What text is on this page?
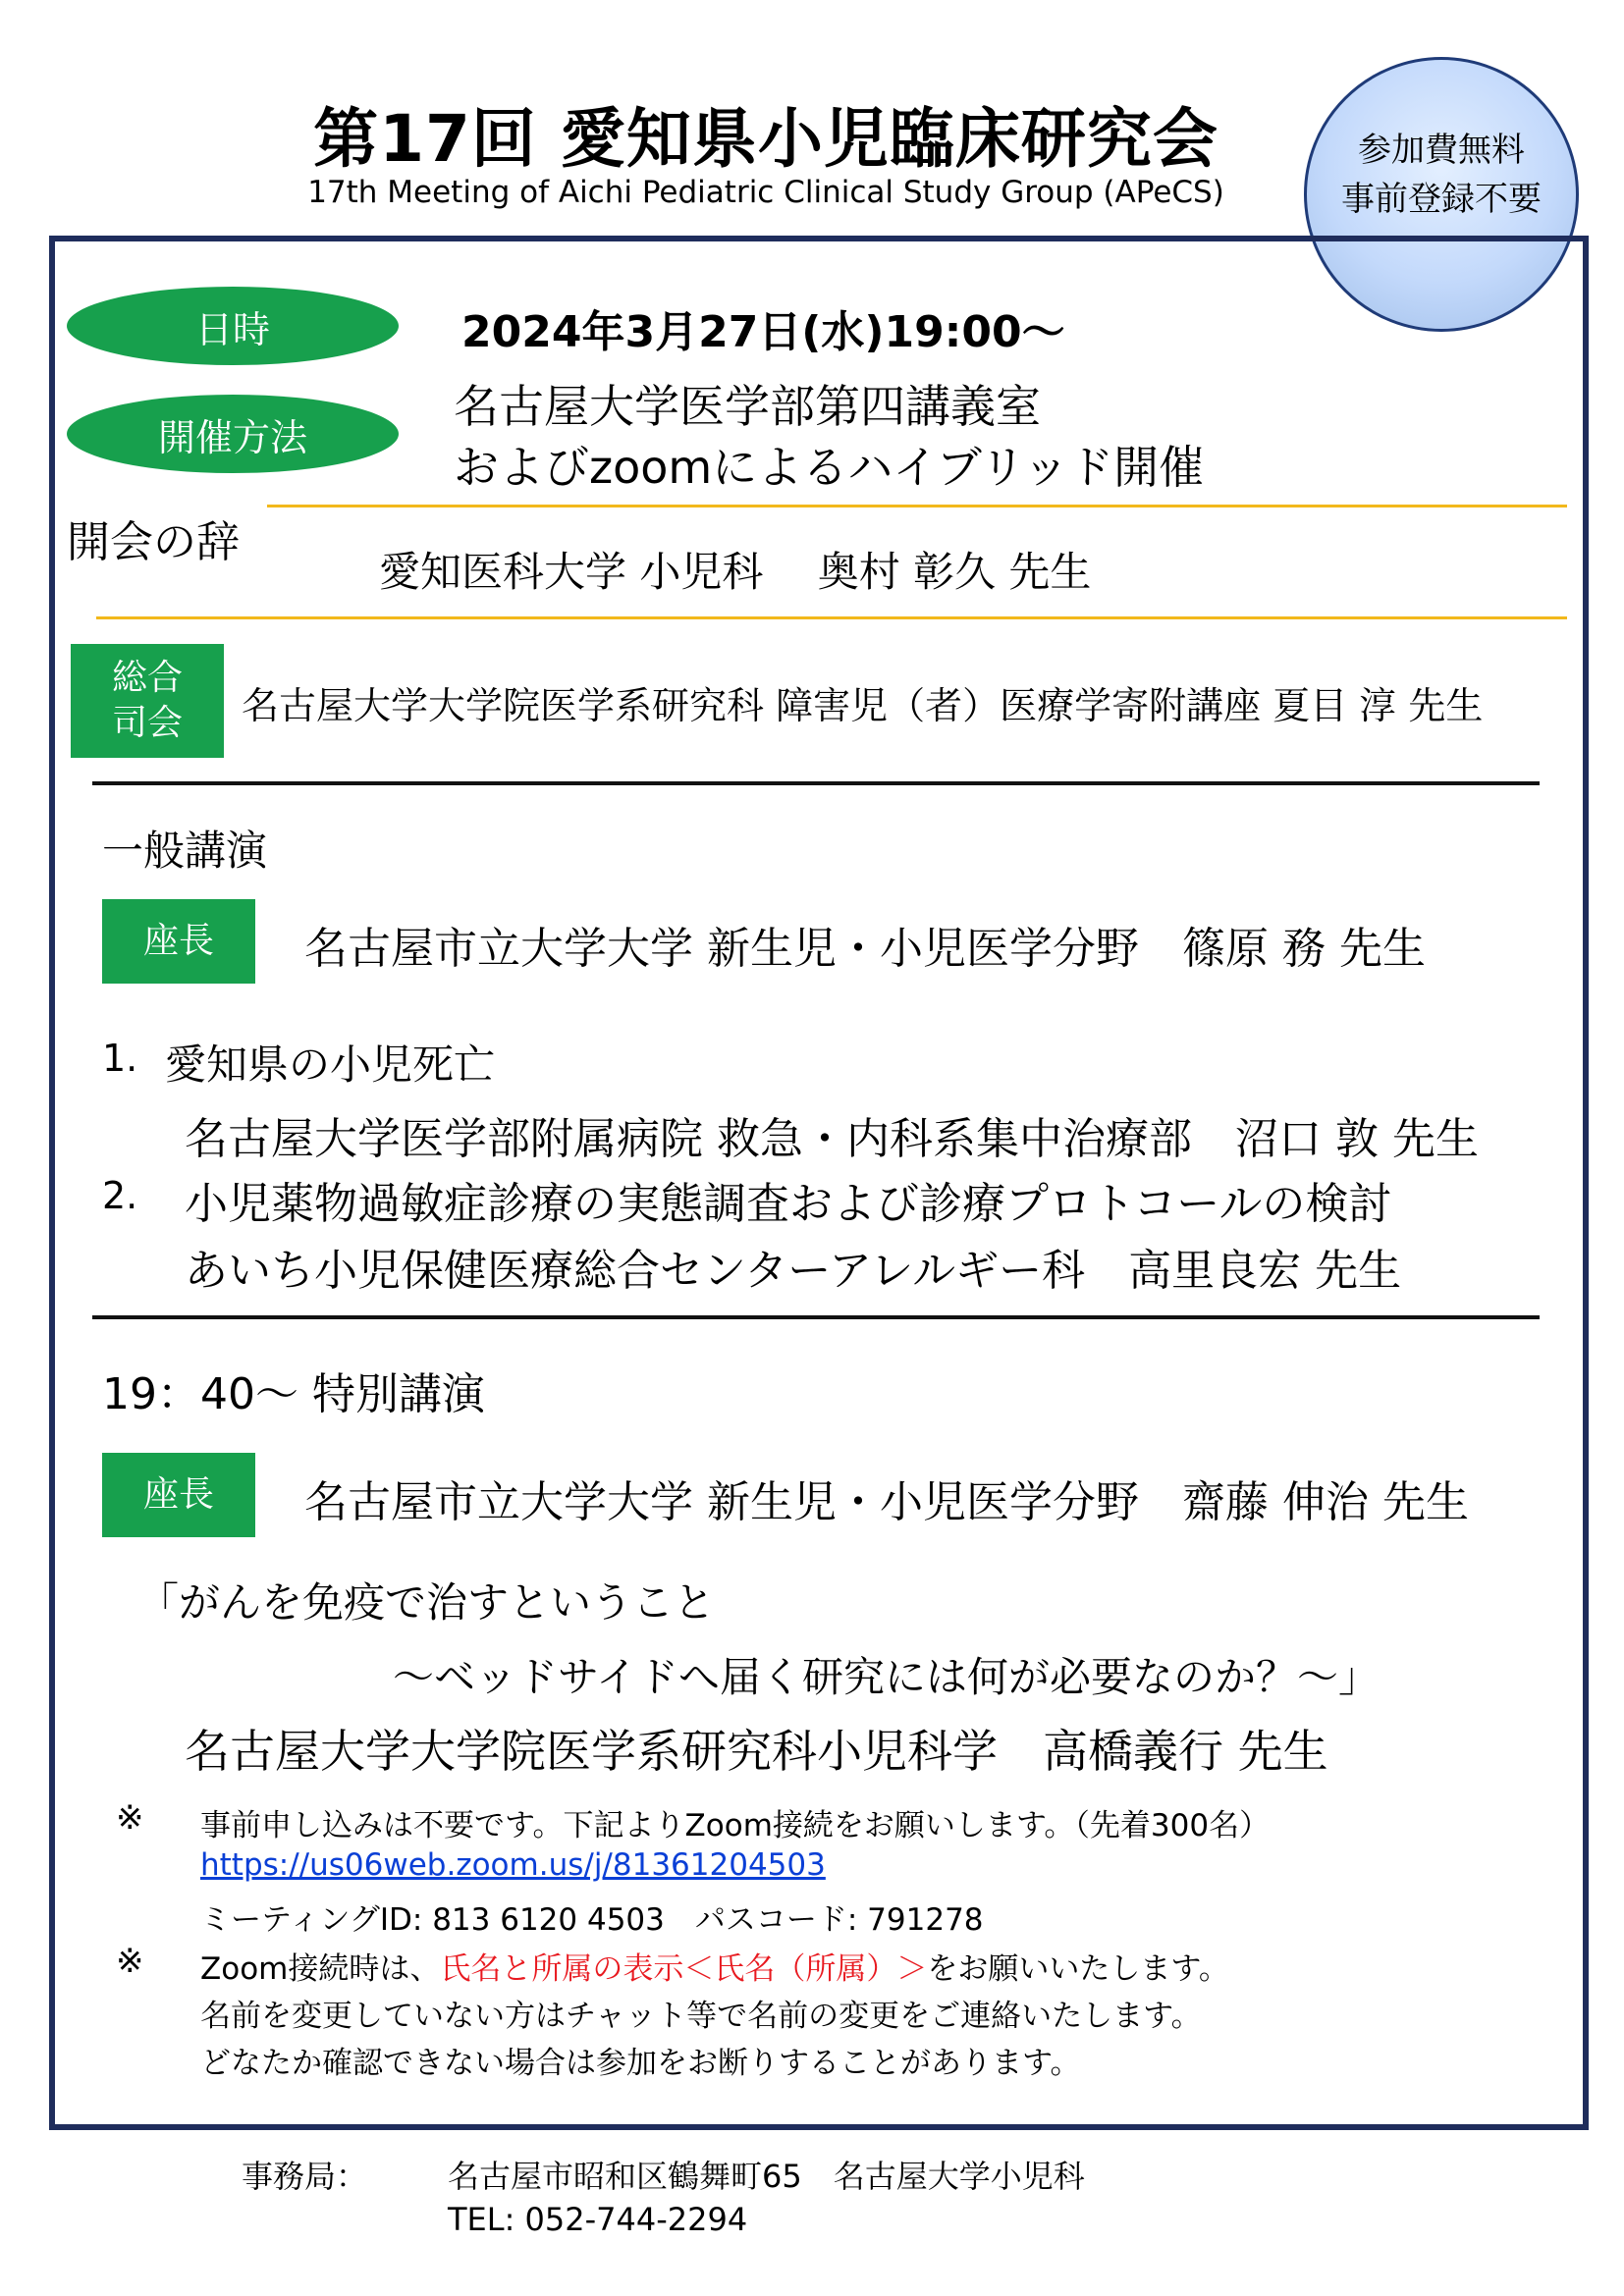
第17回 愛知県小児臨床研究会
17th Meeting of Aichi Pediatric Clinical Study Group (APeCS)
参加費無料
事前登録不要
日時	2024年3月27日(水)19:00～
開催方法
名古屋大学医学部第四講義室
およびzoomによるハイブリッド開催
開会の辞
愛知医科大学 小児科　 奥村 彰久 先生
総合
司会 名古屋大学大学院医学系研究科 障害児（者）医療学寄附講座 夏目 淳 先生
一般講演
座長	名古屋市立大学大学 新生児・小児医学分野　篠原 務 先生
1. 愛知県の小児死亡
名古屋大学医学部附属病院 救急・内科系集中治療部　沼口 敦 先生
2. 小児薬物過敏症診療の実態調査および診療プロトコールの検討
あいち小児保健医療総合センターアレルギー科　高里良宏 先生
19：40～ 特別講演
座長	名古屋市立大学大学 新生児・小児医学分野　齋藤 伸治 先生
「がんを免疫で治すということ
～ベッドサイドへ届く研究には何が必要なのか？～」
名古屋大学大学院医学系研究科小児科学　高橋義行 先生
※ 事前申し込みは不要です。下記よりZoom接続をお願いします。（先着300名）
https://us06web.zoom.us/j/81361204503
ミーティングID: 813 6120 4503　パスコード: 791278
※ Zoom接続時は、氏名と所属の表示＜氏名（所属）＞をお願いいたします。
名前を変更していない方はチャット等で名前の変更をご連絡いたします。
どなたか確認できない場合は参加をお断りすることがあります。
事務局：	名古屋市昭和区鶴舞町65　名古屋大学小児科
TEL: 052-744-2294
